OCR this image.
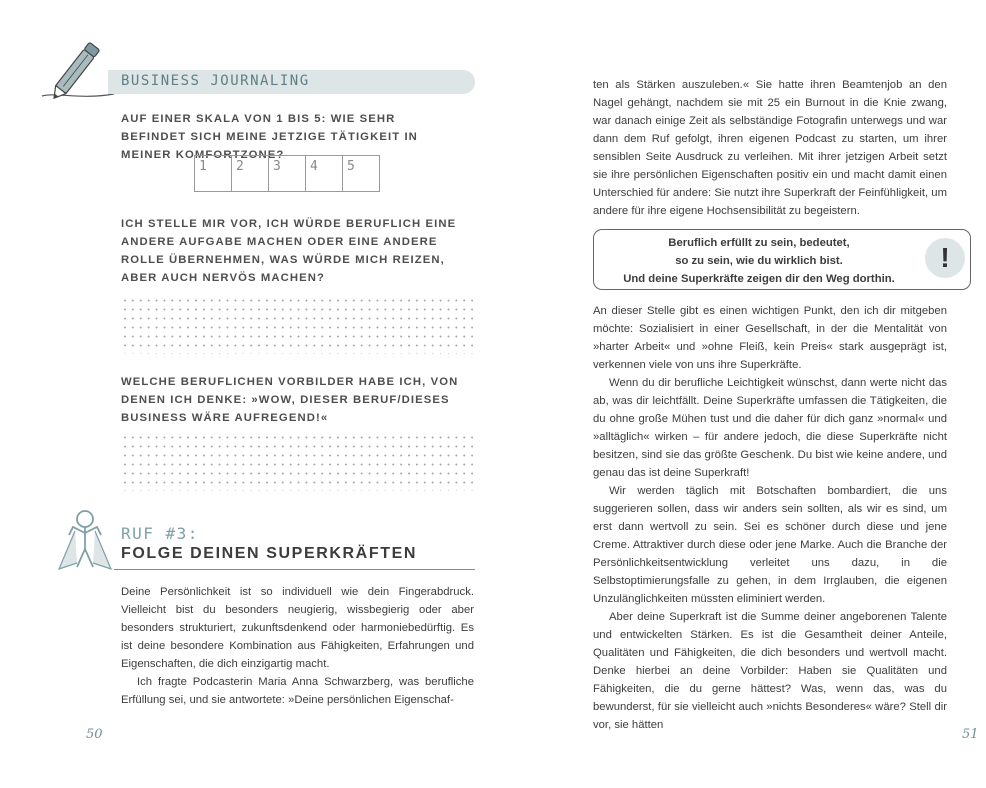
BUSINESS JOURNALING
AUF EINER SKALA VON 1 BIS 5: WIE SEHR BEFINDET SICH MEINE JETZIGE TÄTIGKEIT IN MEINER KOMFORTZONE?
1	2	3	4	5
ICH STELLE MIR VOR, ICH WÜRDE BERUFLICH EINE ANDERE AUFGABE MACHEN ODER EINE ANDERE ROLLE ÜBERNEHMEN, WAS WÜRDE MICH REIZEN, ABER AUCH NERVÖS MACHEN?
WELCHE BERUFLICHEN VORBILDER HABE ICH, VON DENEN ICH DENKE: »WOW, DIESER BERUF/DIESES BUSINESS WÄRE AUFREGEND!«
RUF #3:
FOLGE DEINEN SUPERKRÄFTEN

Deine Persönlichkeit ist so individuell wie dein Fingerabdruck. Vielleicht bist du besonders neugierig, wissbegierig oder aber besonders strukturiert, zukunftsdenkend oder harmoniebedürftig. Es ist deine besondere Kombination aus Fähigkeiten, Erfahrungen und Eigenschaften, die dich einzigartig macht.

Ich fragte Podcasterin Maria Anna Schwarzberg, was berufliche Erfüllung sei, und sie antwortete: »Deine persönlichen Eigenschaf-

50

ten als Stärken auszuleben.« Sie hatte ihren Beamtenjob an den Nagel gehängt, nachdem sie mit 25 ein Burnout in die Knie zwang, war danach einige Zeit als selbständige Fotografin unterwegs und war dann dem Ruf gefolgt, ihren eigenen Podcast zu starten, um ihrer sensiblen Seite Ausdruck zu verleihen. Mit ihrer jetzigen Arbeit setzt sie ihre persönlichen Eigenschaften positiv ein und macht damit einen Unterschied für andere: Sie nutzt ihre Superkraft der Feinfühligkeit, um andere für ihre eigene Hochsensibilität zu begeistern.

Beruflich erfüllt zu sein, bedeutet,
so zu sein, wie du wirklich bist.
Und deine Superkräfte zeigen dir den Weg dorthin.
!

An dieser Stelle gibt es einen wichtigen Punkt, den ich dir mitgeben möchte: Sozialisiert in einer Gesellschaft, in der die Mentalität von »harter Arbeit« und »ohne Fleiß, kein Preis« stark ausgeprägt ist, verkennen viele von uns ihre Superkräfte.

Wenn du dir berufliche Leichtigkeit wünschst, dann werte nicht das ab, was dir leichtfällt. Deine Superkräfte umfassen die Tätigkeiten, die du ohne große Mühen tust und die daher für dich ganz »normal« und »alltäglich« wirken – für andere jedoch, die diese Superkräfte nicht besitzen, sind sie das größte Geschenk. Du bist wie keine andere, und genau das ist deine Superkraft!

Wir werden täglich mit Botschaften bombardiert, die uns suggerieren sollen, dass wir anders sein sollten, als wir es sind, um erst dann wertvoll zu sein. Sei es schöner durch diese und jene Creme. Attraktiver durch diese oder jene Marke. Auch die Branche der Persönlichkeitsentwicklung verleitet uns dazu, in die Selbstoptimierungsfalle zu gehen, in dem Irrglauben, die eigenen Unzulänglichkeiten müssten eliminiert werden.

Aber deine Superkraft ist die Summe deiner angeborenen Talente und entwickelten Stärken. Es ist die Gesamtheit deiner Anteile, Qualitäten und Fähigkeiten, die dich besonders und wertvoll macht. Denke hierbei an deine Vorbilder: Haben sie Qualitäten und Fähigkeiten, die du gerne hättest? Was, wenn das, was du bewunderst, für sie vielleicht auch »nichts Besonderes« wäre? Stell dir vor, sie hätten

51
